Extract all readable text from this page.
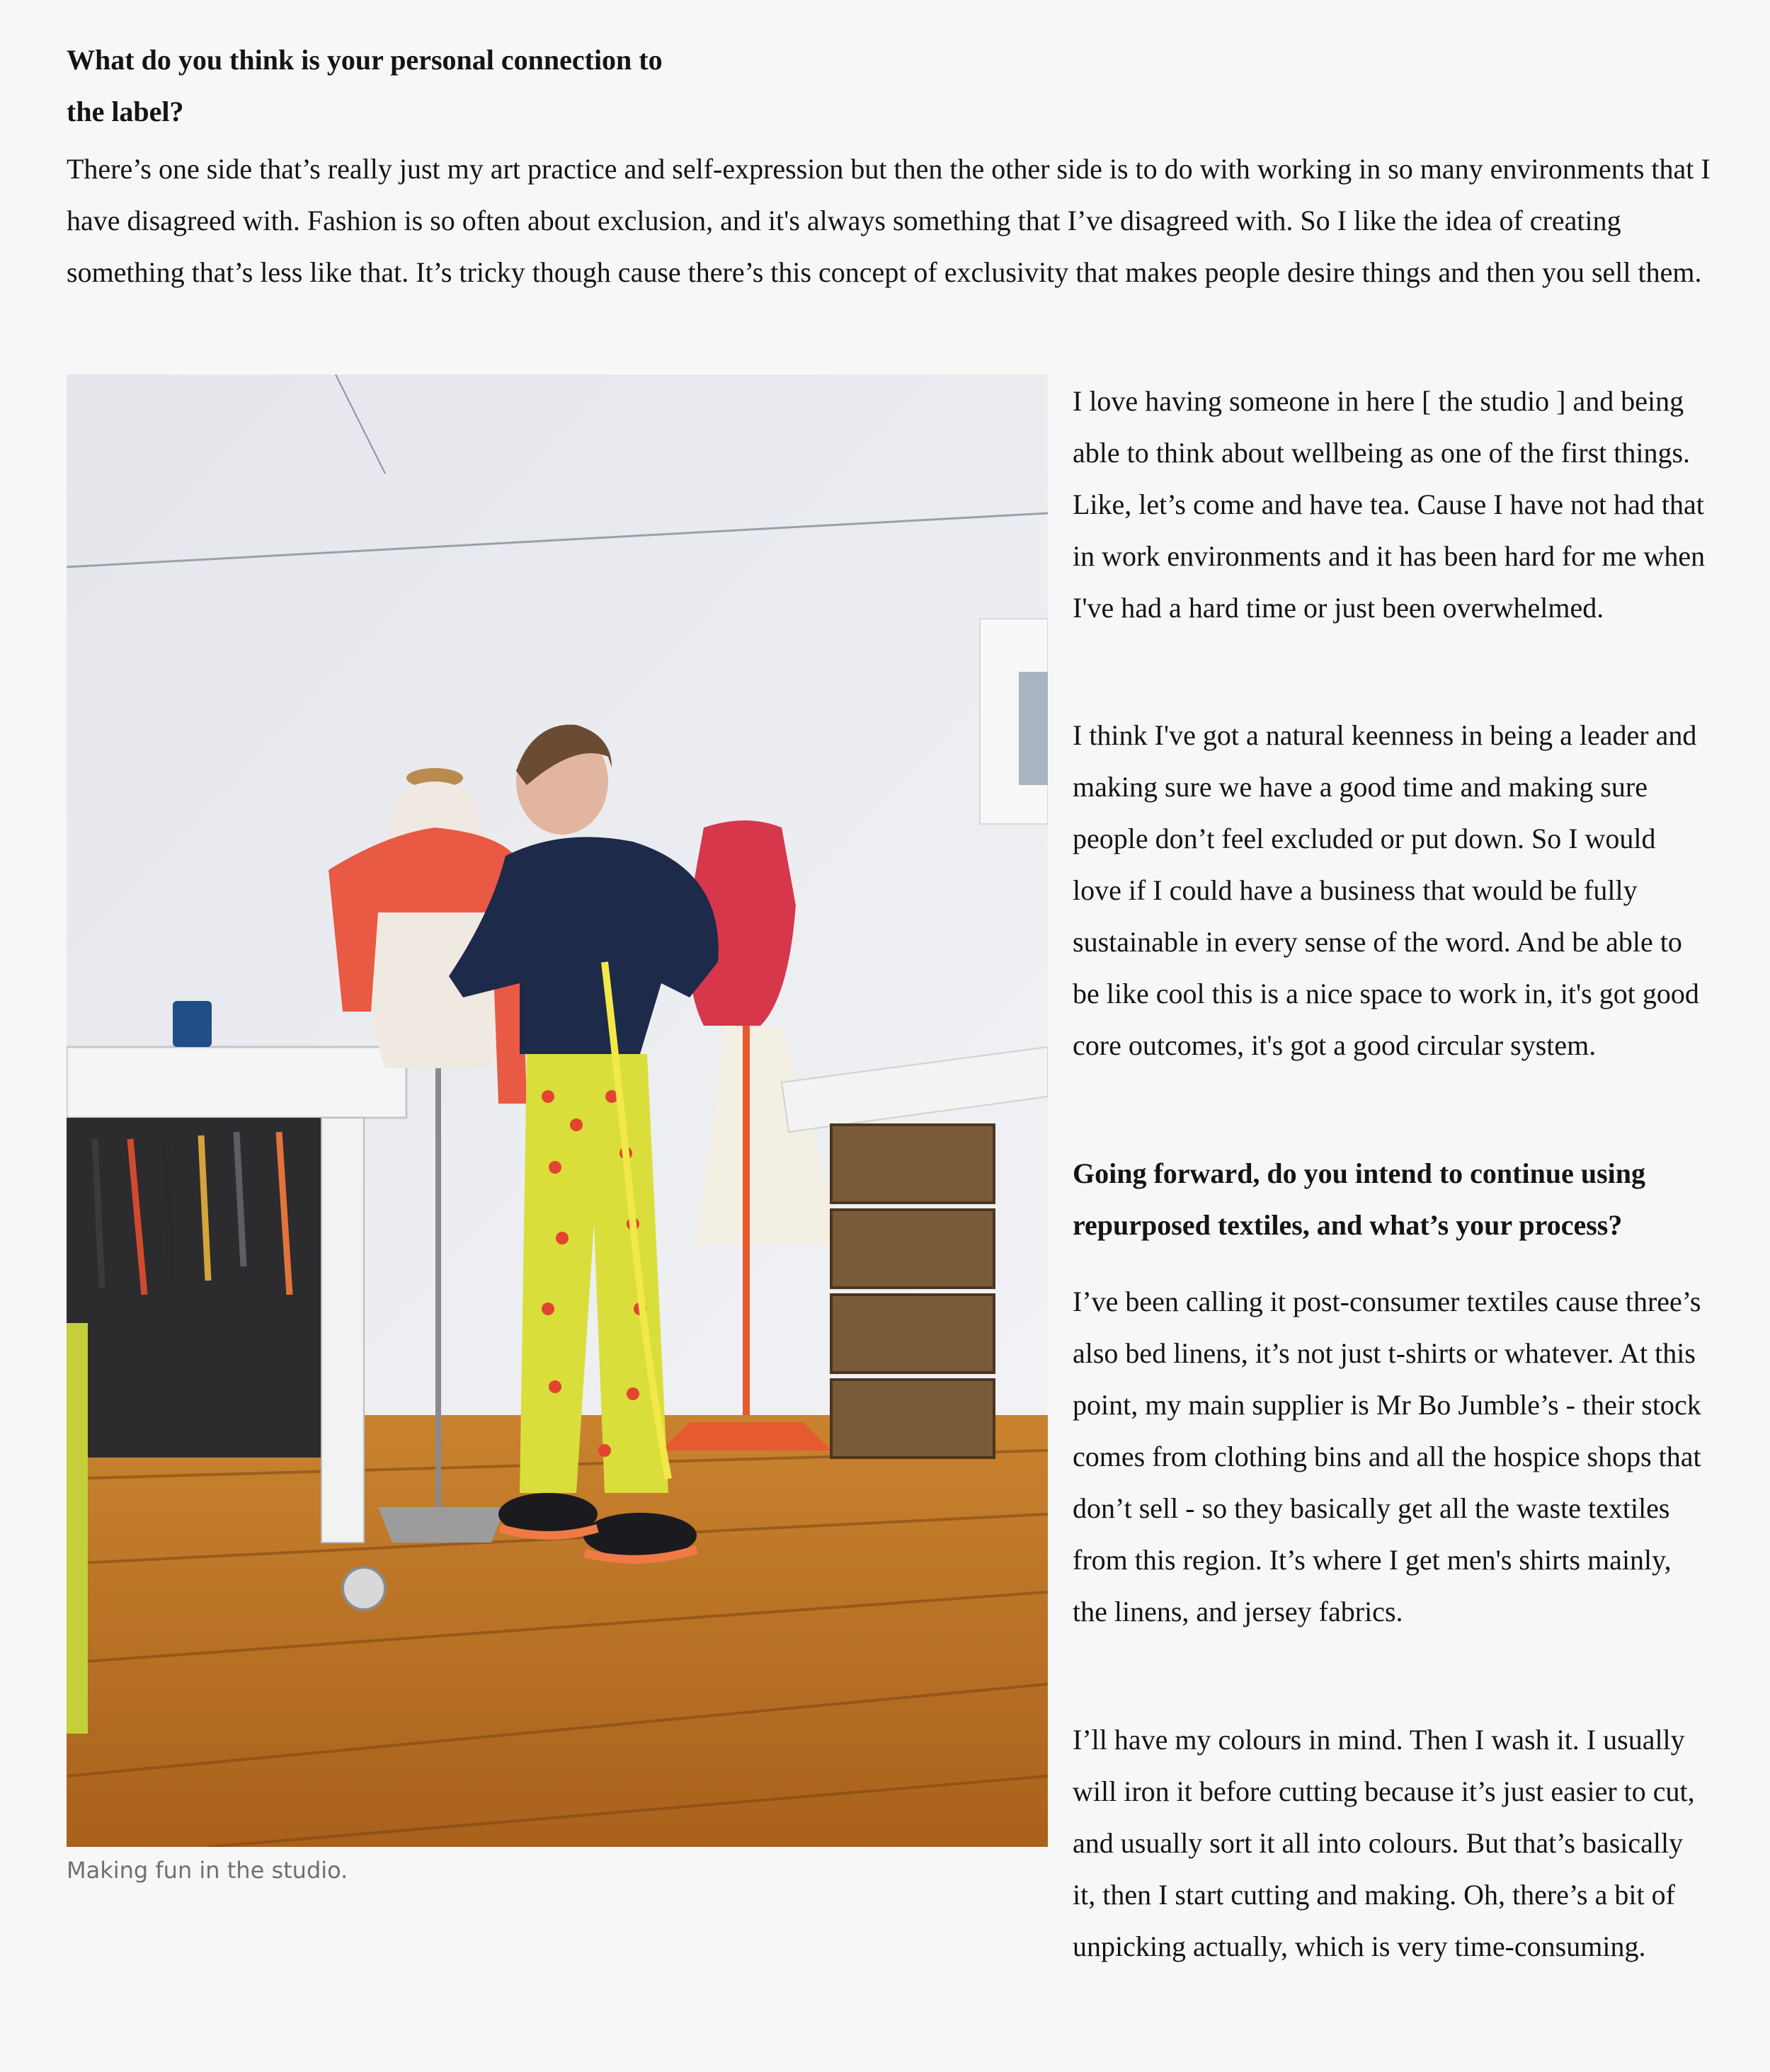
What do you think is your personal connection to the label?

There’s one side that’s really just my art practice and self-expression but then the other side is to do with working in so many environments that I have disagreed with. Fashion is so often about exclusion, and it's always something that I’ve disagreed with. So I like the idea of creating something that’s less like that. It’s tricky though cause there’s this concept of exclusivity that makes people desire things and then you sell them.

Making fun in the studio.

I love having someone in here [ the studio ] and being able to think about wellbeing as one of the first things. Like, let’s come and have tea. Cause I have not had that in work environments and it has been hard for me when I've had a hard time or just been overwhelmed.

I think I've got a natural keenness in being a leader and making sure we have a good time and making sure people don’t feel excluded or put down. So I would love if I could have a business that would be fully sustainable in every sense of the word. And be able to be like cool this is a nice space to work in, it's got good core outcomes, it's got a good circular system.

Going forward, do you intend to continue using repurposed textiles, and what’s your process?

I’ve been calling it post-consumer textiles cause three’s also bed linens, it’s not just t-shirts or whatever. At this point, my main supplier is Mr Bo Jumble’s - their stock comes from clothing bins and all the hospice shops that don’t sell - so they basically get all the waste textiles from this region. It’s where I get men's shirts mainly, the linens, and jersey fabrics.

I’ll have my colours in mind. Then I wash it. I usually will iron it before cutting because it’s just easier to cut, and usually sort it all into colours. But that’s basically it, then I start cutting and making. Oh, there’s a bit of unpicking actually, which is very time-consuming.
